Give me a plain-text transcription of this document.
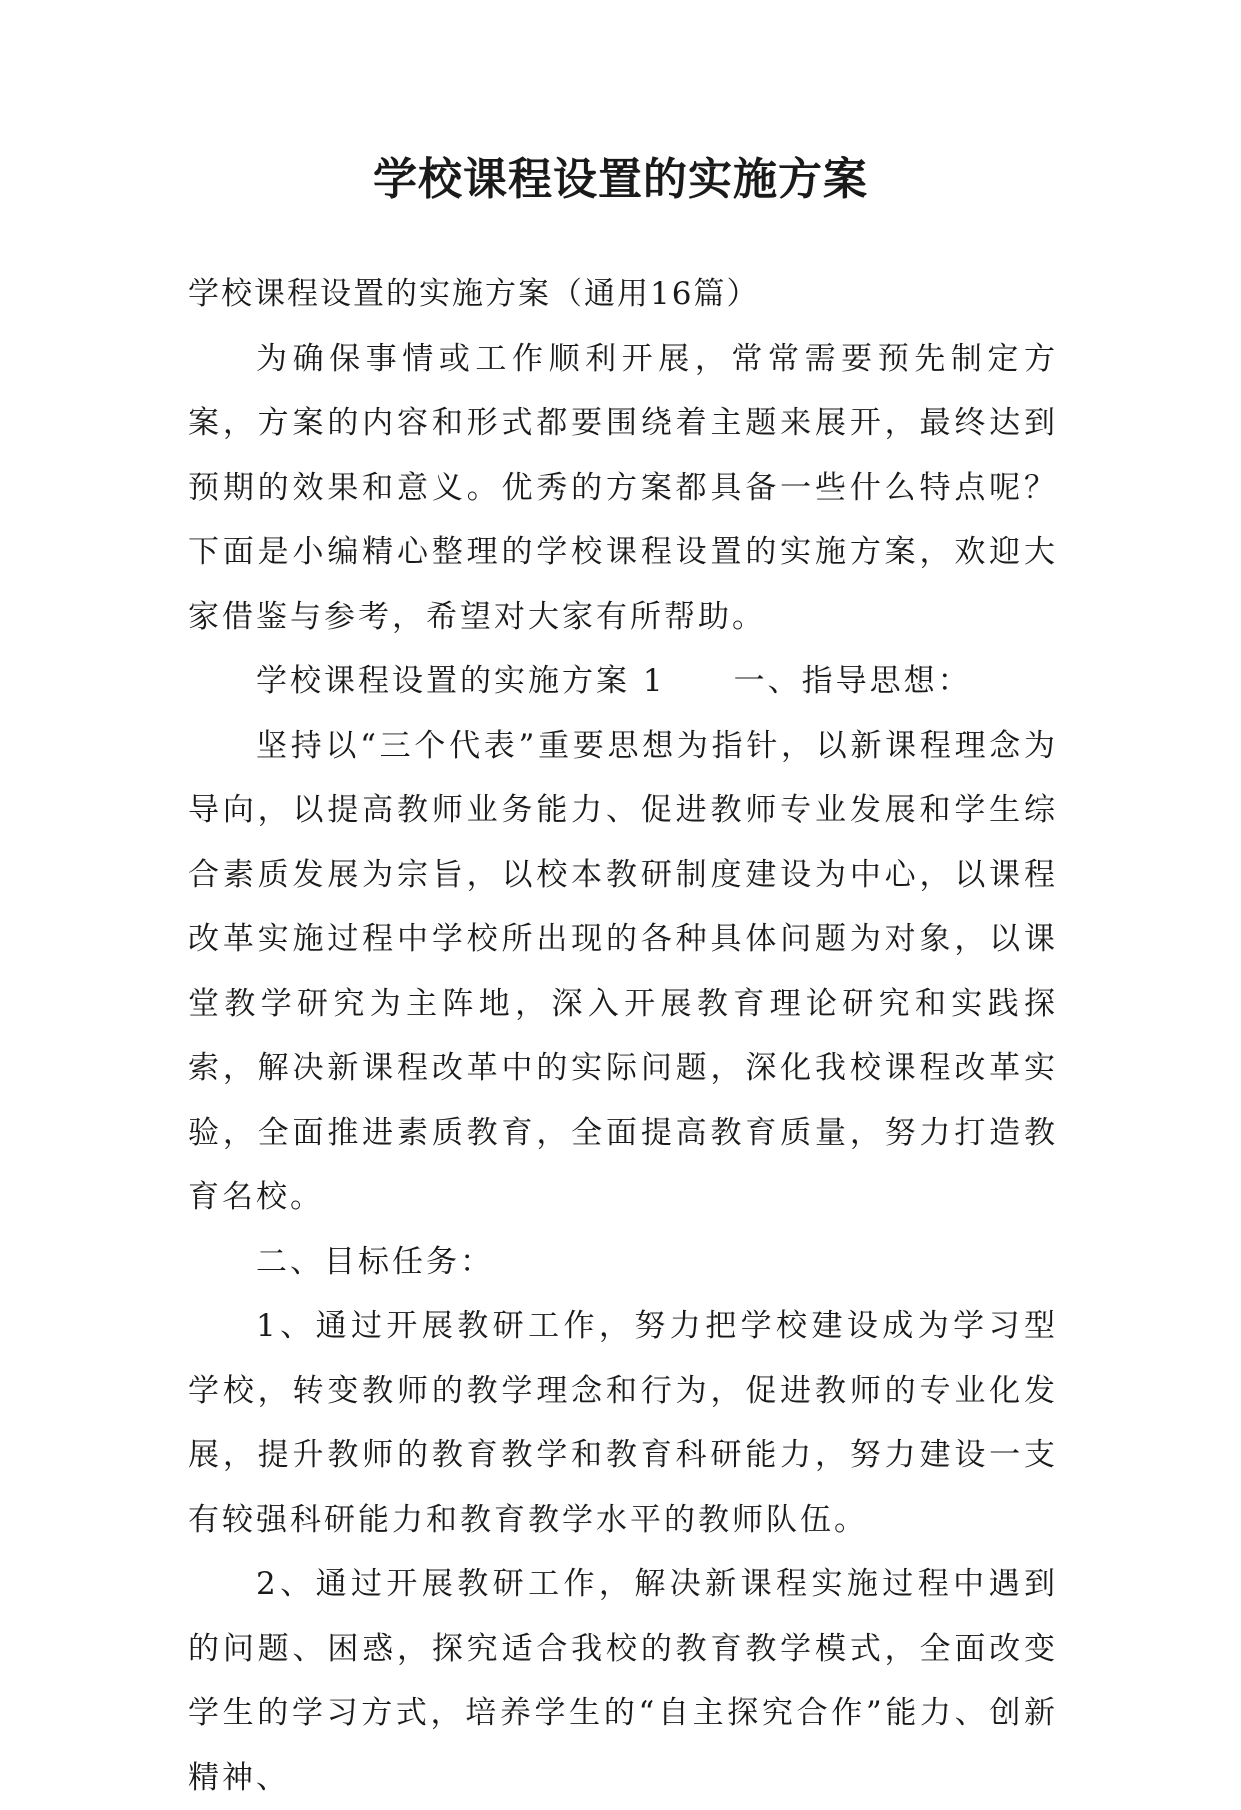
学校课程设置的实施方案

学校课程设置的实施方案（通用16篇）

为确保事情或工作顺利开展，常常需要预先制定方案，方案的内容和形式都要围绕着主题来展开，最终达到预期的效果和意义。优秀的方案都具备一些什么特点呢？下面是小编精心整理的学校课程设置的实施方案，欢迎大家借鉴与参考，希望对大家有所帮助。

学校课程设置的实施方案 1　　一、指导思想：

坚持以“三个代表”重要思想为指针，以新课程理念为导向，以提高教师业务能力、促进教师专业发展和学生综合素质发展为宗旨，以校本教研制度建设为中心，以课程改革实施过程中学校所出现的各种具体问题为对象，以课堂教学研究为主阵地，深入开展教育理论研究和实践探索，解决新课程改革中的实际问题，深化我校课程改革实验，全面推进素质教育，全面提高教育质量，努力打造教育名校。

二、目标任务：

1、通过开展教研工作，努力把学校建设成为学习型学校，转变教师的教学理念和行为，促进教师的专业化发展，提升教师的教育教学和教育科研能力，努力建设一支有较强科研能力和教育教学水平的教师队伍。

2、通过开展教研工作，解决新课程实施过程中遇到的问题、困惑，探究适合我校的教育教学模式，全面改变学生的学习方式，培养学生的“自主探究合作”能力、创新精神、
